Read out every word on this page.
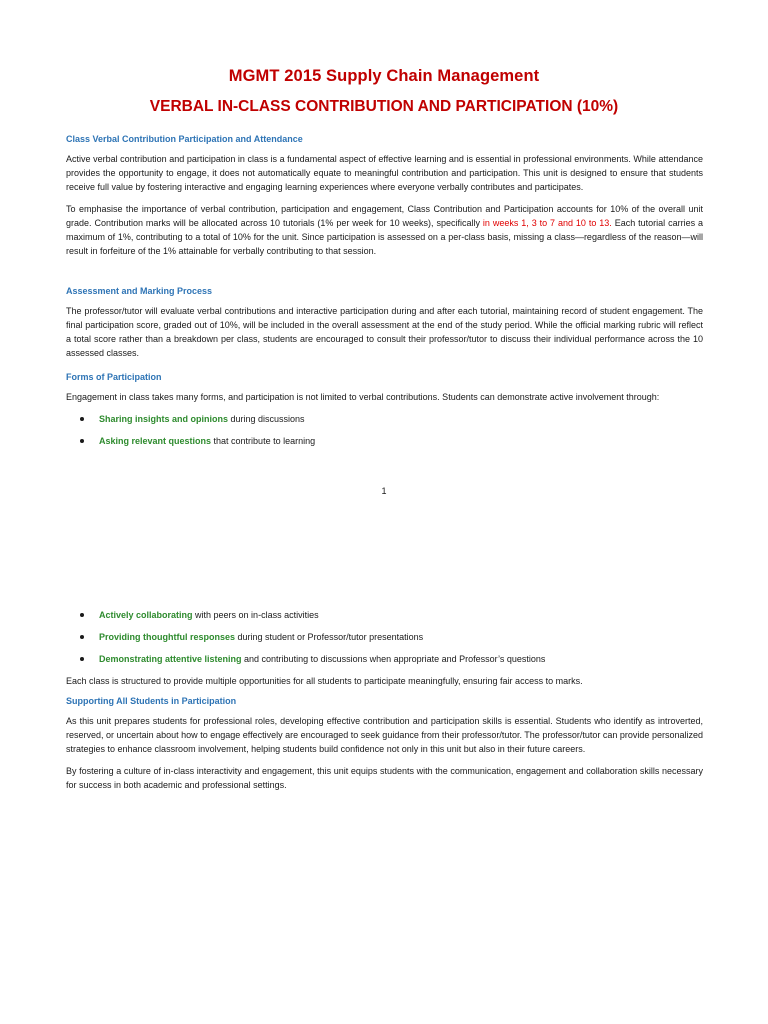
MGMT 2015 Supply Chain Management
VERBAL IN-CLASS CONTRIBUTION AND PARTICIPATION (10%)
Class Verbal Contribution Participation and Attendance

Active verbal contribution and participation in class is a fundamental aspect of effective learning and is essential in professional environments. While attendance provides the opportunity to engage, it does not automatically equate to meaningful contribution and participation. This unit is designed to ensure that students receive full value by fostering interactive and engaging learning experiences where everyone verbally contributes and participates.

To emphasise the importance of verbal contribution, participation and engagement, Class Contribution and Participation accounts for 10% of the overall unit grade. Contribution marks will be allocated across 10 tutorials (1% per week for 10 weeks), specifically in weeks 1, 3 to 7 and 10 to 13. Each tutorial carries a maximum of 1%, contributing to a total of 10% for the unit. Since participation is assessed on a per-class basis, missing a class—regardless of the reason—will result in forfeiture of the 1% attainable for verbally contributing to that session.

Assessment and Marking Process

The professor/tutor will evaluate verbal contributions and interactive participation during and after each tutorial, maintaining record of student engagement. The final participation score, graded out of 10%, will be included in the overall assessment at the end of the study period. While the official marking rubric will reflect a total score rather than a breakdown per class, students are encouraged to consult their professor/tutor to discuss their individual performance across the 10 assessed classes.

Forms of Participation

Engagement in class takes many forms, and participation is not limited to verbal contributions. Students can demonstrate active involvement through:

Sharing insights and opinions during discussions
Asking relevant questions that contribute to learning
1
Actively collaborating with peers on in-class activities
Providing thoughtful responses during student or Professor/tutor presentations
Demonstrating attentive listening and contributing to discussions when appropriate and Professor’s questions

Each class is structured to provide multiple opportunities for all students to participate meaningfully, ensuring fair access to marks.

Supporting All Students in Participation

As this unit prepares students for professional roles, developing effective contribution and participation skills is essential. Students who identify as introverted, reserved, or uncertain about how to engage effectively are encouraged to seek guidance from their professor/tutor. The professor/tutor can provide personalized strategies to enhance classroom involvement, helping students build confidence not only in this unit but also in their future careers.

By fostering a culture of in-class interactivity and engagement, this unit equips students with the communication, engagement and collaboration skills necessary for success in both academic and professional settings.
